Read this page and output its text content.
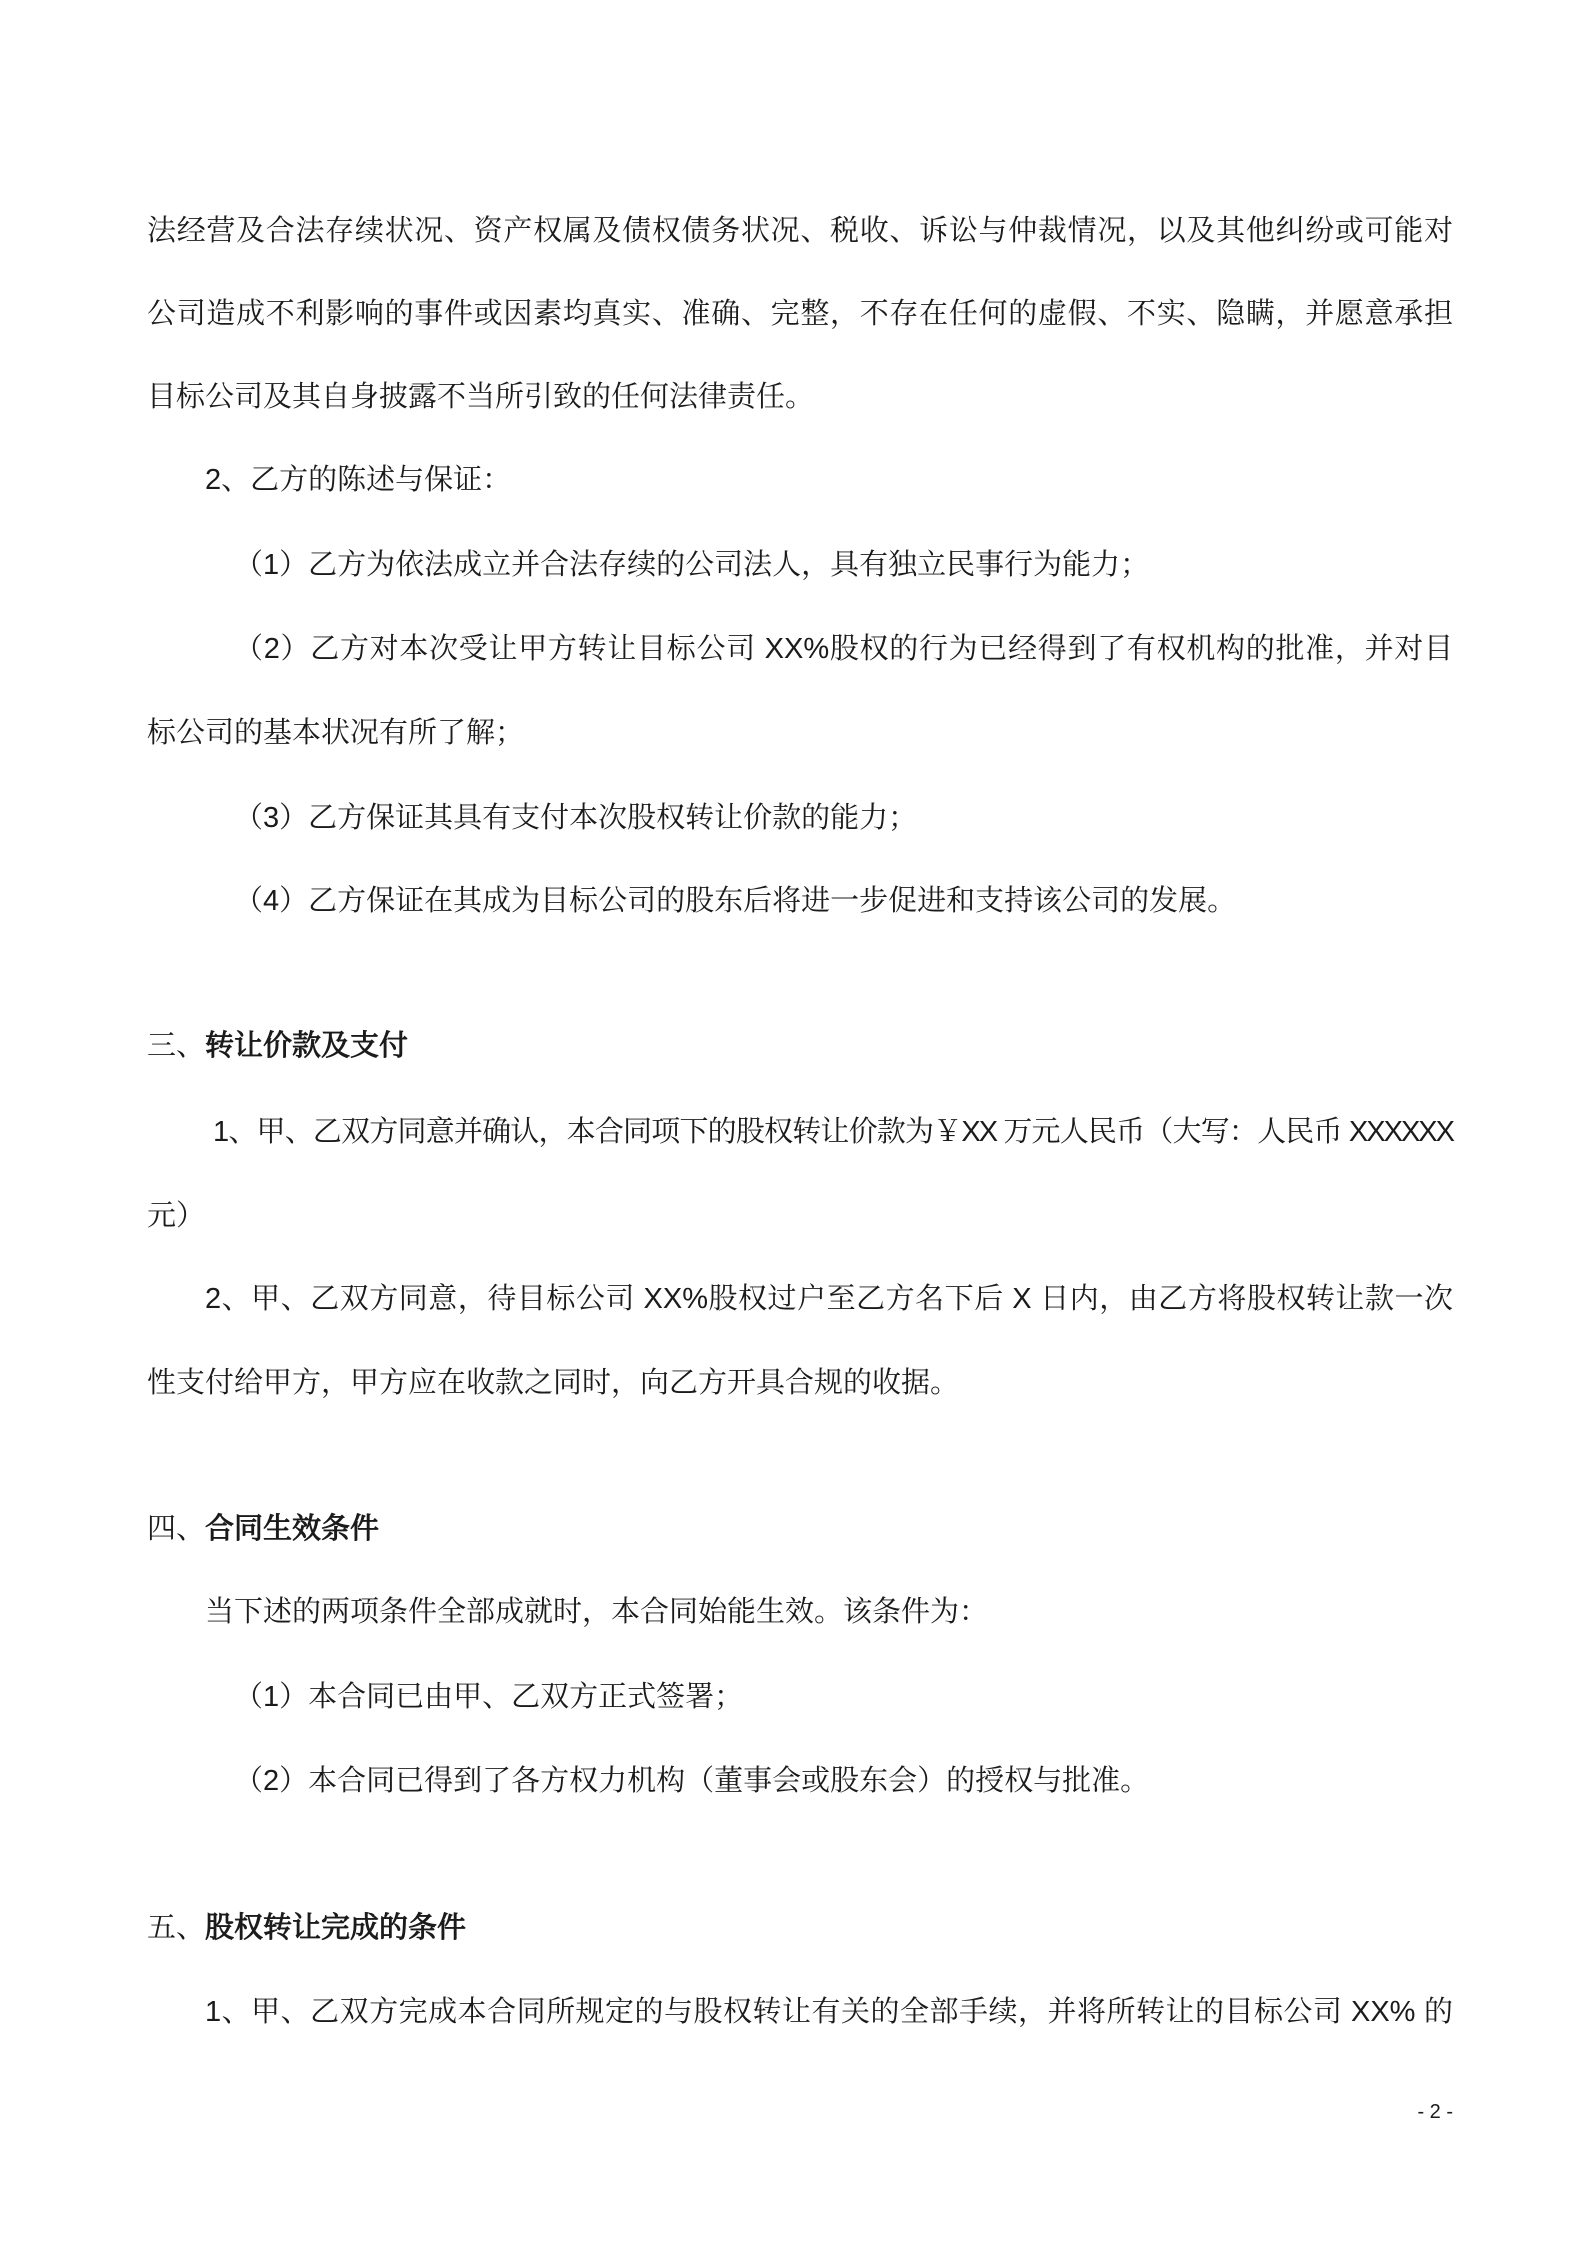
法经营及合法存续状况、资产权属及债权债务状况、税收、诉讼与仲裁情况，以及其他纠纷或可能对
公司造成不利影响的事件或因素均真实、准确、完整，不存在任何的虚假、不实、隐瞒，并愿意承担
目标公司及其自身披露不当所引致的任何法律责任。
2、乙方的陈述与保证：
（1）乙方为依法成立并合法存续的公司法人，具有独立民事行为能力；
（2）乙方对本次受让甲方转让目标公司 XX%股权的行为已经得到了有权机构的批准，并对目
标公司的基本状况有所了解；
（3）乙方保证其具有支付本次股权转让价款的能力；
（4）乙方保证在其成为目标公司的股东后将进一步促进和支持该公司的发展。
三、转让价款及支付
1、甲、乙双方同意并确认，本合同项下的股权转让价款为￥XX 万元人民币（大写：人民币 XXXXXX
元）
2、甲、乙双方同意，待目标公司 XX%股权过户至乙方名下后 X 日内，由乙方将股权转让款一次
性支付给甲方，甲方应在收款之同时，向乙方开具合规的收据。
四、合同生效条件
当下述的两项条件全部成就时，本合同始能生效。该条件为：
（1）本合同已由甲、乙双方正式签署；
（2）本合同已得到了各方权力机构（董事会或股东会）的授权与批准。
五、股权转让完成的条件
1、甲、乙双方完成本合同所规定的与股权转让有关的全部手续，并将所转让的目标公司 XX% 的
- 2 -
